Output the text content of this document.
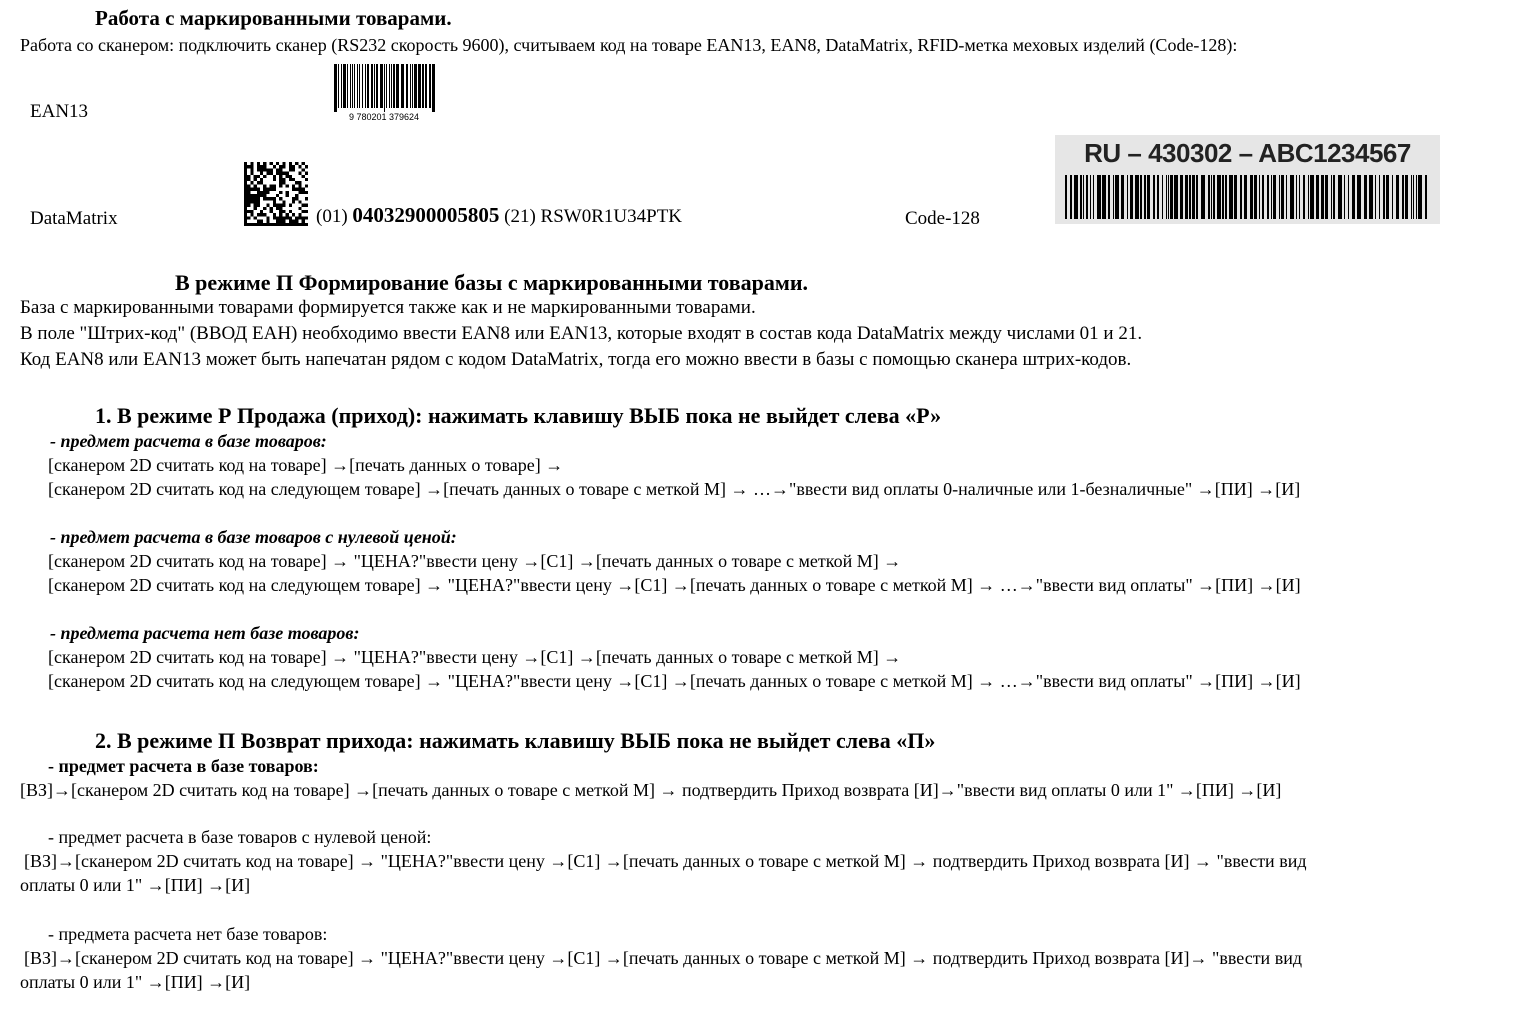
Работа с маркированными товарами.
Работа со сканером: подключить сканер (RS232 скорость 9600), считываем код на товаре EAN13, EAN8, DataMatrix, RFID-метка меховых изделий (Code-128):
EAN13	9 780201 379624
DataMatrix	(01) 04032900005805 (21) RSW0R1U34PTK	Code-128
RU – 430302 – ABC1234567
В режиме П Формирование базы с маркированными товарами.
База с маркированными товарами формируется также как и не маркированными товарами.
В поле "Штрих-код" (ВВОД ЕАН) необходимо ввести EAN8 или EAN13, которые входят в состав кода DataMatrix между числами 01 и 21.
Код EAN8 или EAN13 может быть напечатан рядом с кодом DataMatrix, тогда его можно ввести в базы с помощью сканера штрих-кодов.
1. В режиме Р Продажа (приход): нажимать клавишу ВЫБ пока не выйдет слева «Р»
- предмет расчета в базе товаров:
[сканером 2D считать код на товаре] →[печать данных о товаре] →
[сканером 2D считать код на следующем товаре] →[печать данных о товаре с меткой М] → …→"ввести вид оплаты 0-наличные или 1-безналичные" →[ПИ] →[И]
- предмет расчета в базе товаров с нулевой ценой:
[сканером 2D считать код на товаре] → "ЦЕНА?"ввести цену →[С1] →[печать данных о товаре с меткой М] →
[сканером 2D считать код на следующем товаре] → "ЦЕНА?"ввести цену →[С1] →[печать данных о товаре с меткой М] → …→"ввести вид оплаты" →[ПИ] →[И]
- предмета расчета нет базе товаров:
[сканером 2D считать код на товаре] → "ЦЕНА?"ввести цену →[С1] →[печать данных о товаре с меткой М] →
[сканером 2D считать код на следующем товаре] → "ЦЕНА?"ввести цену →[С1] →[печать данных о товаре с меткой М] → …→"ввести вид оплаты" →[ПИ] →[И]
2. В режиме П Возврат прихода: нажимать клавишу ВЫБ пока не выйдет слева «П»
- предмет расчета в базе товаров:
[ВЗ]→[сканером 2D считать код на товаре] →[печать данных о товаре с меткой М] → подтвердить Приход возврата [И]→"ввести вид оплаты 0 или 1" →[ПИ] →[И]
- предмет расчета в базе товаров с нулевой ценой:
[ВЗ]→[сканером 2D считать код на товаре] → "ЦЕНА?"ввести цену →[С1] →[печать данных о товаре с меткой М] → подтвердить Приход возврата [И] → "ввести вид
оплаты 0 или 1" →[ПИ] →[И]
- предмета расчета нет базе товаров:
[ВЗ]→[сканером 2D считать код на товаре] → "ЦЕНА?"ввести цену →[С1] →[печать данных о товаре с меткой М] → подтвердить Приход возврата [И]→ "ввести вид
оплаты 0 или 1" →[ПИ] →[И]
